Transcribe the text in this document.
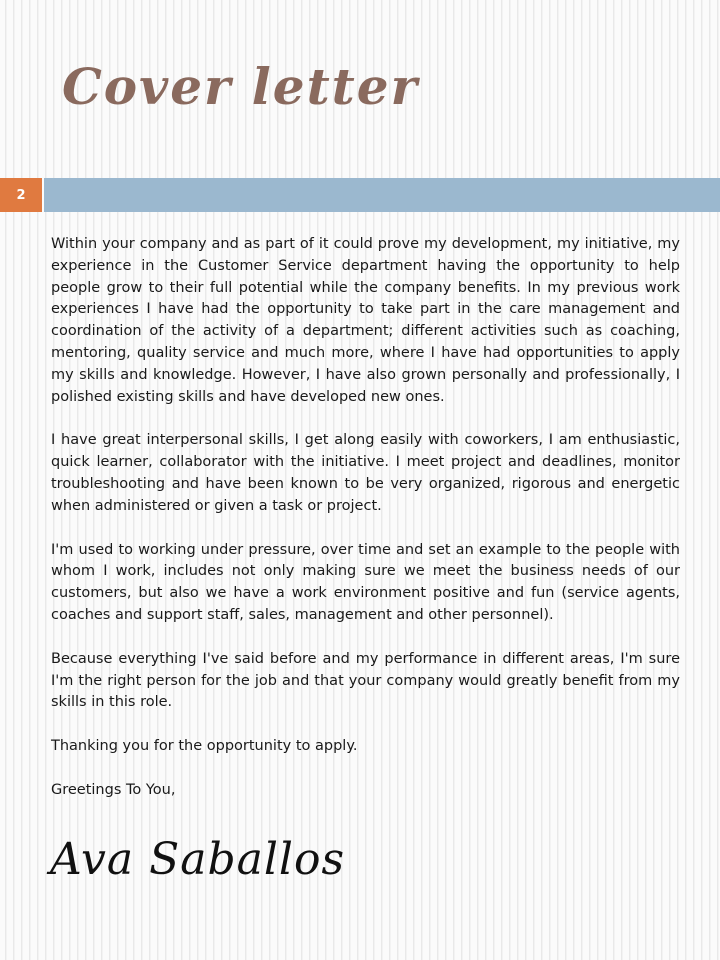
Cover letter
2

Within your company and as part of it could prove my development, my initiative, my experience in the Customer Service department having the opportunity to help people grow to their full potential while the company benefits. In my previous work experiences I have had the opportunity to take part in the care management and coordination of the activity of a department; different activities such as coaching, mentoring, quality service and much more, where I have had opportunities to apply my skills and knowledge. However, I have also grown personally and professionally, I polished existing skills and have developed new ones.

I have great interpersonal skills, I get along easily with coworkers, I am enthusiastic, quick learner, collaborator with the initiative. I meet project and deadlines, monitor troubleshooting and have been known to be very organized, rigorous and energetic when administered or given a task or project.

I'm used to working under pressure, over time and set an example to the people with whom I work, includes not only making sure we meet the business needs of our customers, but also we have a work environment positive and fun (service agents, coaches and support staff, sales, management and other personnel).

Because everything I've said before and my performance in different areas, I'm sure I'm the right person for the job and that your company would greatly benefit from my skills in this role.

Thanking you for the opportunity to apply.

Greetings To You,

Ava Saballos
